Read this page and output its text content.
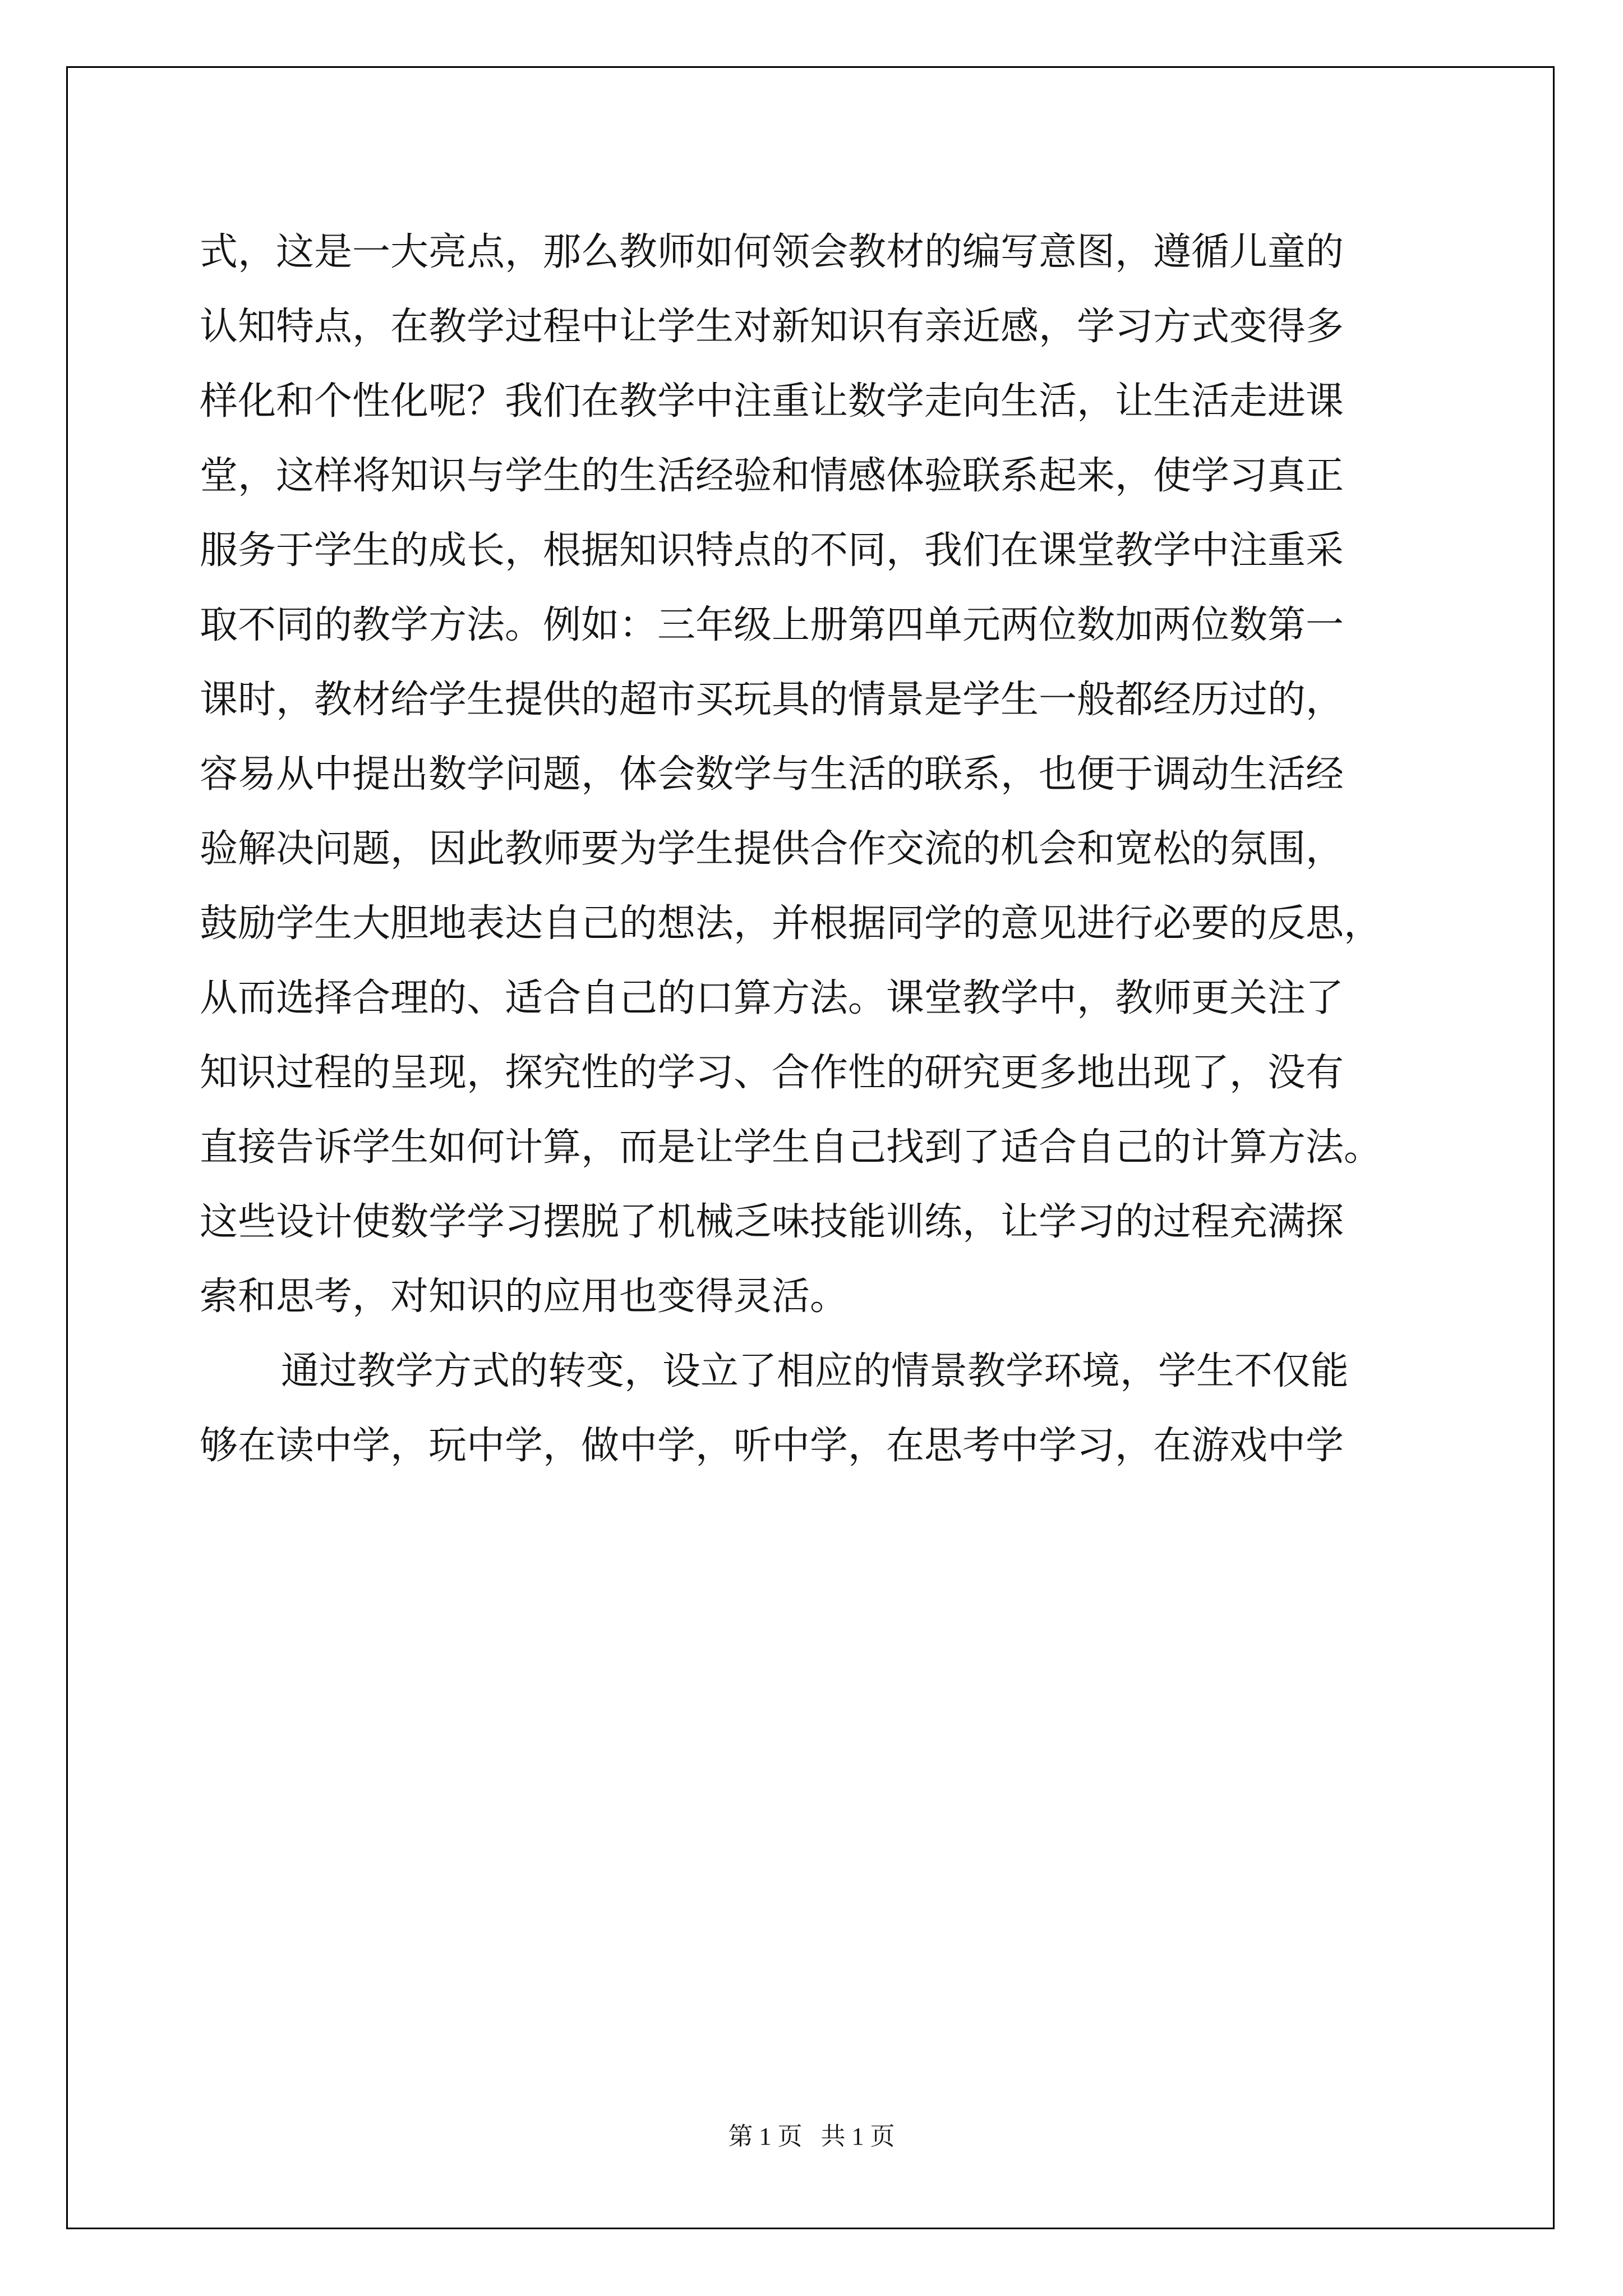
式，这是一大亮点，那么教师如何领会教材的编写意图，遵循儿童的
认知特点，在教学过程中让学生对新知识有亲近感，学习方式变得多
样化和个性化呢？我们在教学中注重让数学走向生活，让生活走进课
堂，这样将知识与学生的生活经验和情感体验联系起来，使学习真正
服务于学生的成长，根据知识特点的不同，我们在课堂教学中注重采
取不同的教学方法。例如：三年级上册第四单元两位数加两位数第一
课时，教材给学生提供的超市买玩具的情景是学生一般都经历过的，
容易从中提出数学问题，体会数学与生活的联系，也便于调动生活经
验解决问题，因此教师要为学生提供合作交流的机会和宽松的氛围，
鼓励学生大胆地表达自己的想法，并根据同学的意见进行必要的反思，
从而选择合理的、适合自己的口算方法。课堂教学中，教师更关注了
知识过程的呈现，探究性的学习、合作性的研究更多地出现了，没有
直接告诉学生如何计算，而是让学生自己找到了适合自己的计算方法。
这些设计使数学学习摆脱了机械乏味技能训练，让学习的过程充满探
索和思考，对知识的应用也变得灵活。
通过教学方式的转变，设立了相应的情景教学环境，学生不仅能
够在读中学，玩中学，做中学，听中学，在思考中学习，在游戏中学
第 1 页   共 1 页
